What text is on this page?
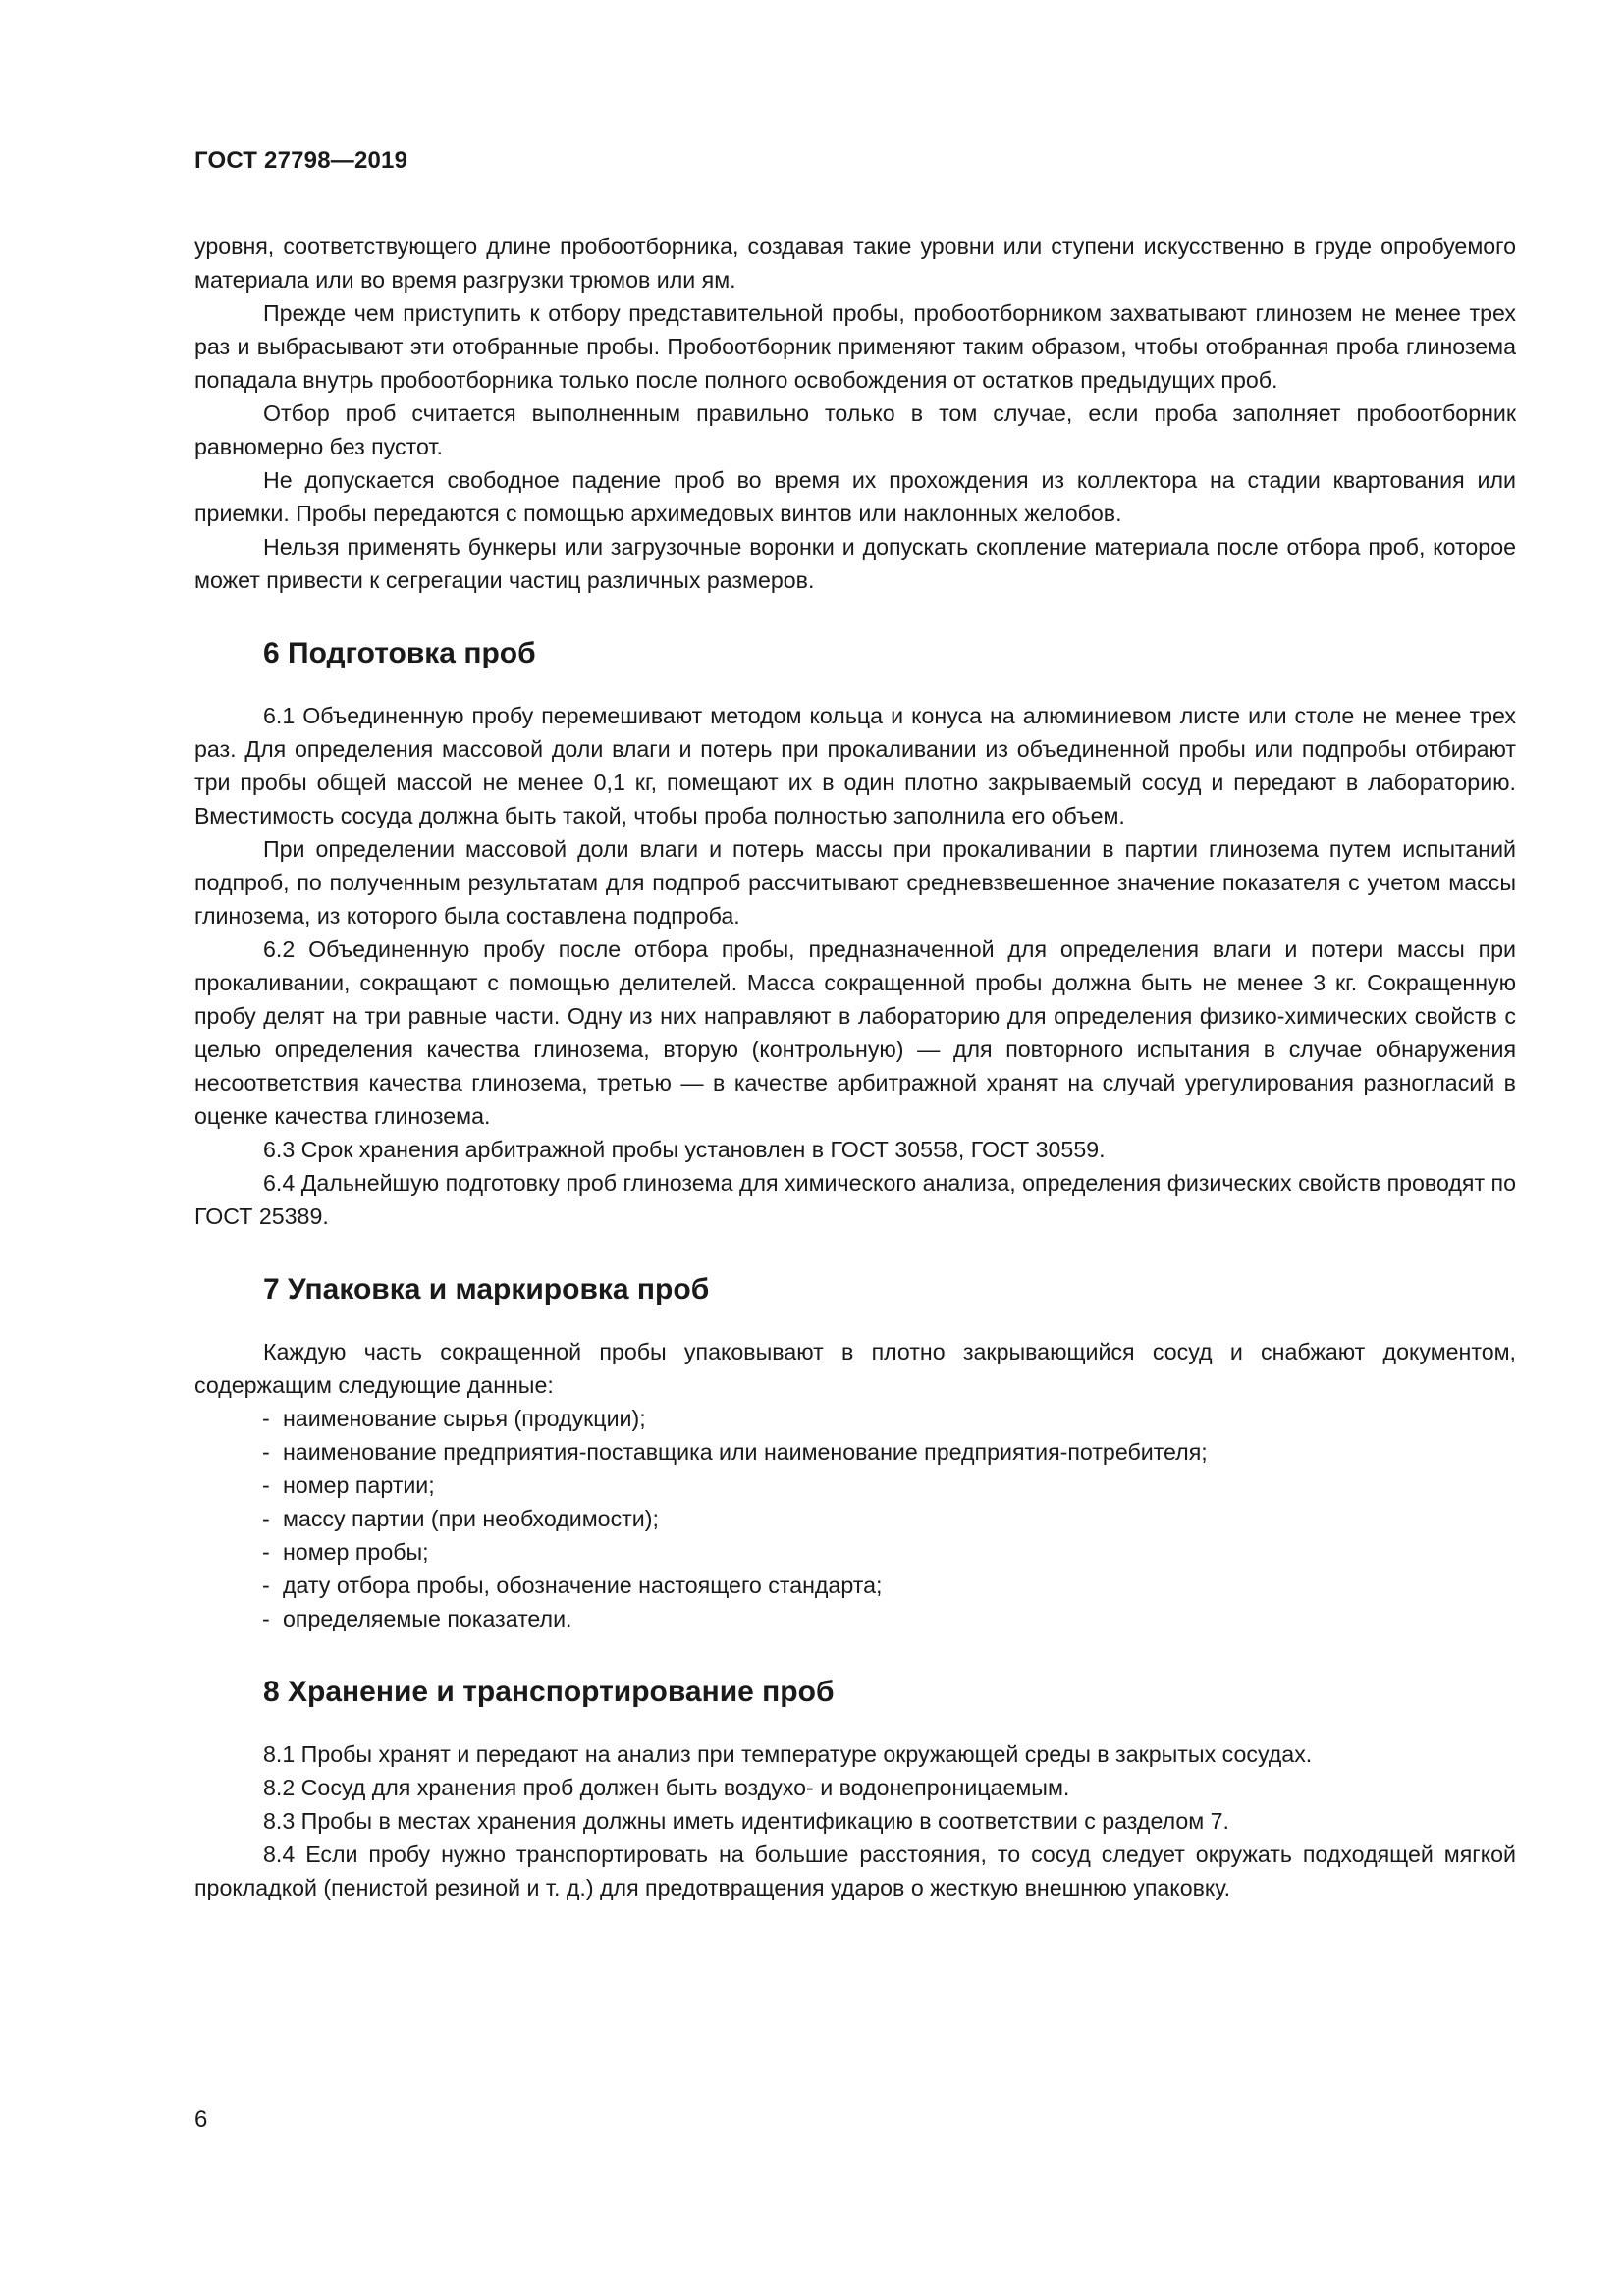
ГОСТ 27798—2019

уровня, соответствующего длине пробоотборника, создавая такие уровни или ступени искусственно в груде опробуемого материала или во время разгрузки трюмов или ям.

Прежде чем приступить к отбору представительной пробы, пробоотборником захватывают глинозем не менее трех раз и выбрасывают эти отобранные пробы. Пробоотборник применяют таким образом, чтобы отобранная проба глинозема попадала внутрь пробоотборника только после полного освобождения от остатков предыдущих проб.

Отбор проб считается выполненным правильно только в том случае, если проба заполняет пробоотборник равномерно без пустот.

Не допускается свободное падение проб во время их прохождения из коллектора на стадии квартования или приемки. Пробы передаются с помощью архимедовых винтов или наклонных желобов.

Нельзя применять бункеры или загрузочные воронки и допускать скопление материала после отбора проб, которое может привести к сегрегации частиц различных размеров.

6 Подготовка проб

6.1 Объединенную пробу перемешивают методом кольца и конуса на алюминиевом листе или столе не менее трех раз. Для определения массовой доли влаги и потерь при прокаливании из объединенной пробы или подпробы отбирают три пробы общей массой не менее 0,1 кг, помещают их в один плотно закрываемый сосуд и передают в лабораторию. Вместимость сосуда должна быть такой, чтобы проба полностью заполнила его объем.

При определении массовой доли влаги и потерь массы при прокаливании в партии глинозема путем испытаний подпроб, по полученным результатам для подпроб рассчитывают средневзвешенное значение показателя с учетом массы глинозема, из которого была составлена подпроба.

6.2 Объединенную пробу после отбора пробы, предназначенной для определения влаги и потери массы при прокаливании, сокращают с помощью делителей. Масса сокращенной пробы должна быть не менее 3 кг. Сокращенную пробу делят на три равные части. Одну из них направляют в лабораторию для определения физико-химических свойств с целью определения качества глинозема, вторую (контрольную) — для повторного испытания в случае обнаружения несоответствия качества глинозема, третью — в качестве арбитражной хранят на случай урегулирования разногласий в оценке качества глинозема.

6.3 Срок хранения арбитражной пробы установлен в ГОСТ 30558, ГОСТ 30559.

6.4 Дальнейшую подготовку проб глинозема для химического анализа, определения физических свойств проводят по ГОСТ 25389.

7 Упаковка и маркировка проб

Каждую часть сокращенной пробы упаковывают в плотно закрывающийся сосуд и снабжают документом, содержащим следующие данные:

- наименование сырья (продукции);
- наименование предприятия-поставщика или наименование предприятия-потребителя;
- номер партии;
- массу партии (при необходимости);
- номер пробы;
- дату отбора пробы, обозначение настоящего стандарта;
- определяемые показатели.
8 Хранение и транспортирование проб

8.1 Пробы хранят и передают на анализ при температуре окружающей среды в закрытых сосудах.

8.2 Сосуд для хранения проб должен быть воздухо- и водонепроницаемым.

8.3 Пробы в местах хранения должны иметь идентификацию в соответствии с разделом 7.

8.4 Если пробу нужно транспортировать на большие расстояния, то сосуд следует окружать подходящей мягкой прокладкой (пенистой резиной и т. д.) для предотвращения ударов о жесткую внешнюю упаковку.

6
